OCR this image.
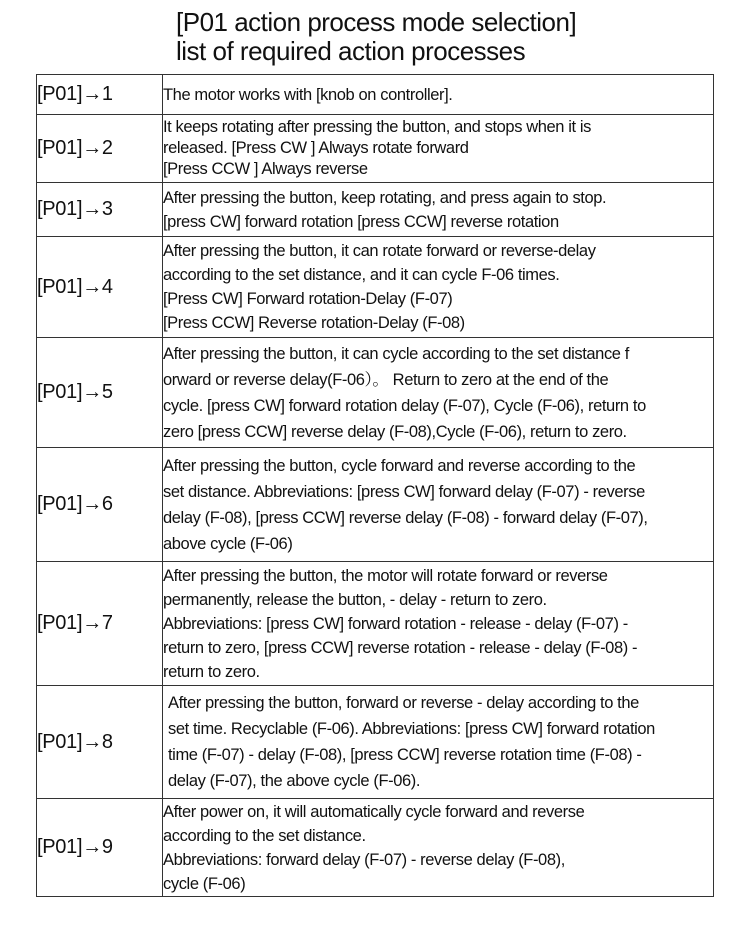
[P01 action process mode selection]
list of required action processes
[P01]→1	The motor works with [knob on controller].

[P01]→2	It keeps rotating after pressing the button, and stops when it is
released. [Press CW ] Always rotate forward
[Press CCW ] Always reverse

[P01]→3	After pressing the button, keep rotating, and press again to stop.
[press CW] forward rotation [press CCW] reverse rotation

[P01]→4	After pressing the button, it can rotate forward or reverse-delay
according to the set distance, and it can cycle F-06 times.
[Press CW] Forward rotation-Delay (F-07)
[Press CCW] Reverse rotation-Delay (F-08)

[P01]→5	After pressing the button, it can cycle according to the set distance f
orward or reverse delay(F-06）。 Return to zero at the end of the
cycle. [press CW] forward rotation delay (F-07), Cycle (F-06), return to
zero [press CCW] reverse delay (F-08),Cycle (F-06), return to zero.

[P01]→6	After pressing the button, cycle forward and reverse according to the
set distance. Abbreviations: [press CW] forward delay (F-07) - reverse
delay (F-08), [press CCW] reverse delay (F-08) - forward delay (F-07),
above cycle (F-06)

[P01]→7	After pressing the button, the motor will rotate forward or reverse
permanently, release the button, - delay - return to zero.
Abbreviations: [press CW] forward rotation - release - delay (F-07) -
return to zero, [press CCW] reverse rotation - release - delay (F-08) -
return to zero.

[P01]→8	After pressing the button, forward or reverse - delay according to the
set time. Recyclable (F-06). Abbreviations: [press CW] forward rotation
time (F-07) - delay (F-08), [press CCW] reverse rotation time (F-08) -
delay (F-07), the above cycle (F-06).

[P01]→9	After power on, it will automatically cycle forward and reverse
according to the set distance.
Abbreviations: forward delay (F-07) - reverse delay (F-08),
cycle (F-06)
